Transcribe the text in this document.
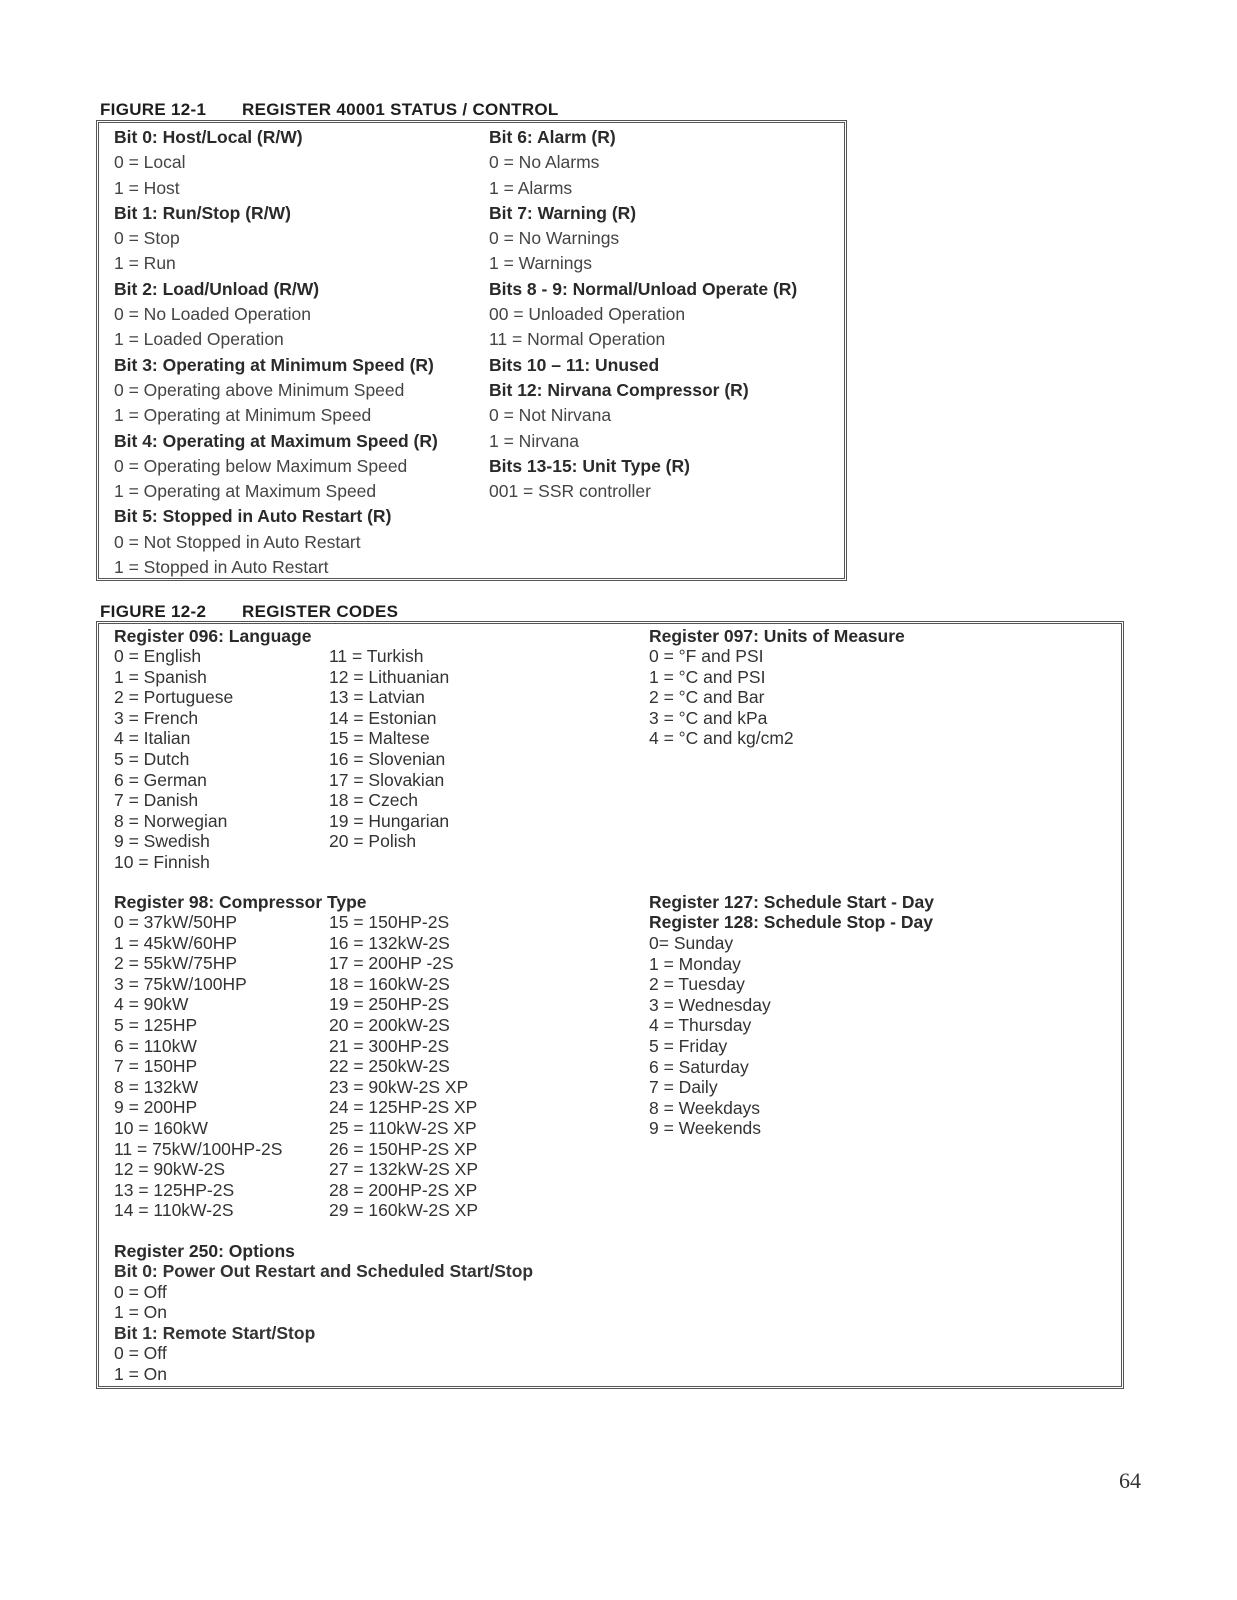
FIGURE 12-1 REGISTER 40001 STATUS / CONTROL
Bit 0: Host/Local (R/W)
0 = Local
1 = Host
Bit 1: Run/Stop (R/W)
0 = Stop
1 = Run
Bit 2: Load/Unload (R/W)
0 = No Loaded Operation
1 = Loaded Operation
Bit 3: Operating at Minimum Speed (R)
0 = Operating above Minimum Speed
1 = Operating at Minimum Speed
Bit 4: Operating at Maximum Speed (R)
0 = Operating below Maximum Speed
1 = Operating at Maximum Speed
Bit 5: Stopped in Auto Restart (R)
0 = Not Stopped in Auto Restart
1 = Stopped in Auto Restart
Bit 6: Alarm (R)
0 = No Alarms
1 = Alarms
Bit 7: Warning (R)
0 = No Warnings
1 = Warnings
Bits 8 - 9: Normal/Unload Operate (R)
00 = Unloaded Operation
11 = Normal Operation
Bits 10 – 11: Unused
Bit 12: Nirvana Compressor (R)
0 = Not Nirvana
1 = Nirvana
Bits 13-15: Unit Type (R)
001 = SSR controller
FIGURE 12-2 REGISTER CODES
Register 096: Language
0 = English
1 = Spanish
2 = Portuguese
3 = French
4 = Italian
5 = Dutch
6 = German
7 = Danish
8 = Norwegian
9 = Swedish
10 = Finnish
11 = Turkish
12 = Lithuanian
13 = Latvian
14 = Estonian
15 = Maltese
16 = Slovenian
17 = Slovakian
18 = Czech
19 = Hungarian
20 = Polish
Register 097: Units of Measure
0 = °F and PSI
1 = °C and PSI
2 = °C and Bar
3 = °C and kPa
4 = °C and kg/cm2
Register 98: Compressor Type
0 = 37kW/50HP
1 = 45kW/60HP
2 = 55kW/75HP
3 = 75kW/100HP
4 = 90kW
5 = 125HP
6 = 110kW
7 = 150HP
8 = 132kW
9 = 200HP
10 = 160kW
11 = 75kW/100HP-2S
12 = 90kW-2S
13 = 125HP-2S
14 = 110kW-2S
15 = 150HP-2S
16 = 132kW-2S
17 = 200HP -2S
18 = 160kW-2S
19 = 250HP-2S
20 = 200kW-2S
21 = 300HP-2S
22 = 250kW-2S
23 = 90kW-2S XP
24 = 125HP-2S XP
25 = 110kW-2S XP
26 = 150HP-2S XP
27 = 132kW-2S XP
28 = 200HP-2S XP
29 = 160kW-2S XP
Register 127: Schedule Start - Day
Register 128: Schedule Stop - Day
0= Sunday
1 = Monday
2 = Tuesday
3 = Wednesday
4 = Thursday
5 = Friday
6 = Saturday
7 = Daily
8 = Weekdays
9 = Weekends
Register 250: Options
Bit 0: Power Out Restart and Scheduled Start/Stop
0 = Off
1 = On
Bit 1: Remote Start/Stop
0 = Off
1 = On
64
